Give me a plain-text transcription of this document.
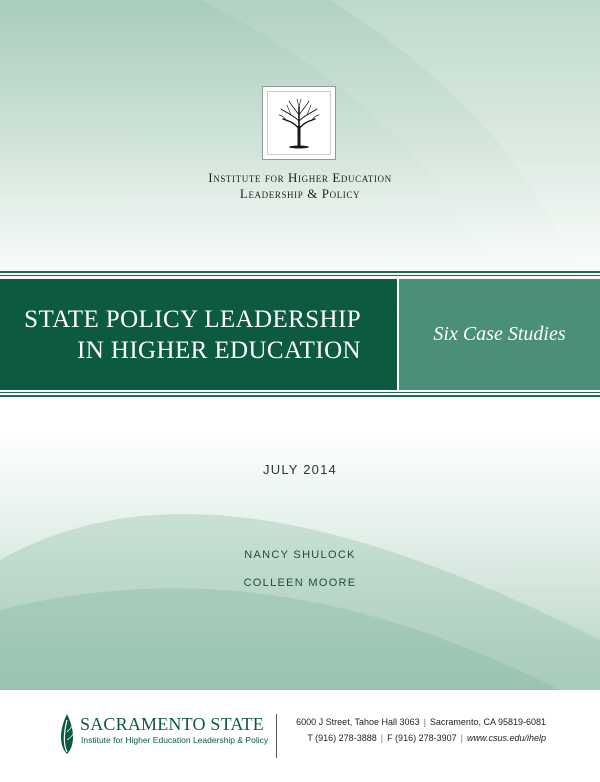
Institute for Higher Education
Leadership & Policy
STATE POLICY LEADERSHIP
IN HIGHER EDUCATION
Six Case Studies
JULY 2014
NANCY SHULOCK
COLLEEN MOORE
SACRAMENTO STATE
Institute for Higher Education Leadership & Policy
6000 J Street, Tahoe Hall 3063 | Sacramento, CA 95819-6081
T (916) 278-3888 | F (916) 278-3907 | www.csus.edu/ihelp
